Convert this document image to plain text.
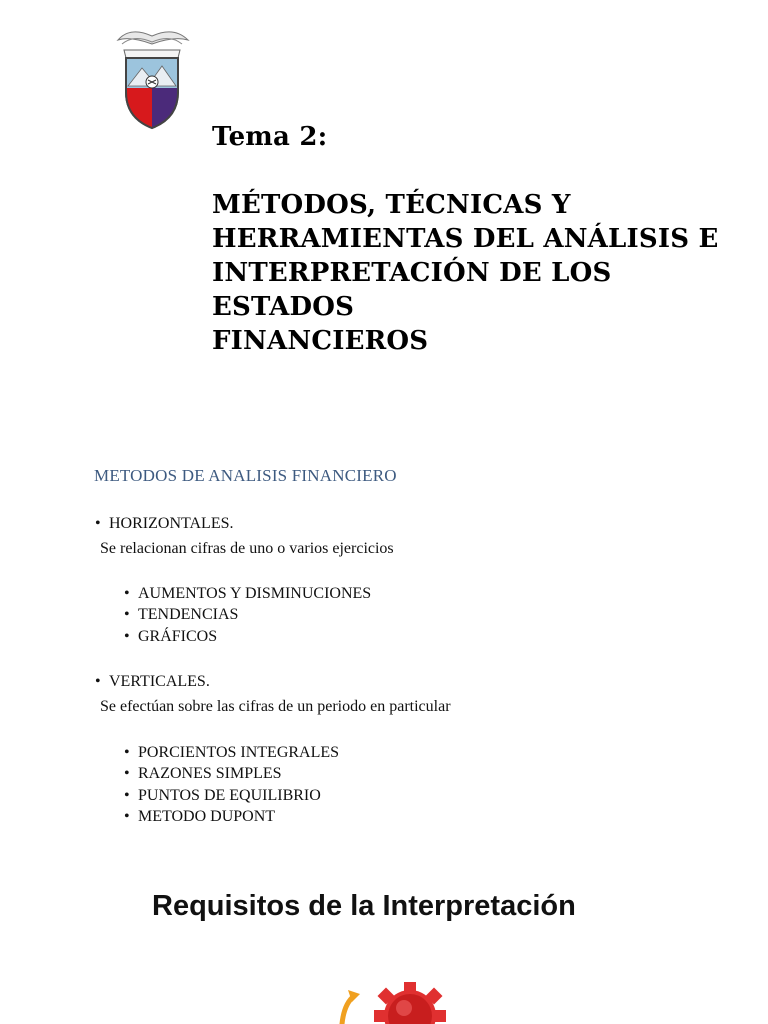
Tema 2:
MÉTODOS, TÉCNICAS Y
HERRAMIENTAS DEL ANÁLISIS E
INTERPRETACIÓN DE LOS ESTADOS
FINANCIEROS
METODOS DE ANALISIS FINANCIERO
• HORIZONTALES.
Se relacionan cifras de uno o varios ejercicios
• AUMENTOS Y DISMINUCIONES
• TENDENCIAS
• GRÁFICOS
• VERTICALES.
Se efectúan sobre las cifras de un periodo en particular
• PORCIENTOS INTEGRALES
• RAZONES SIMPLES
• PUNTOS DE EQUILIBRIO
• METODO DUPONT
Requisitos de la Interpretación
